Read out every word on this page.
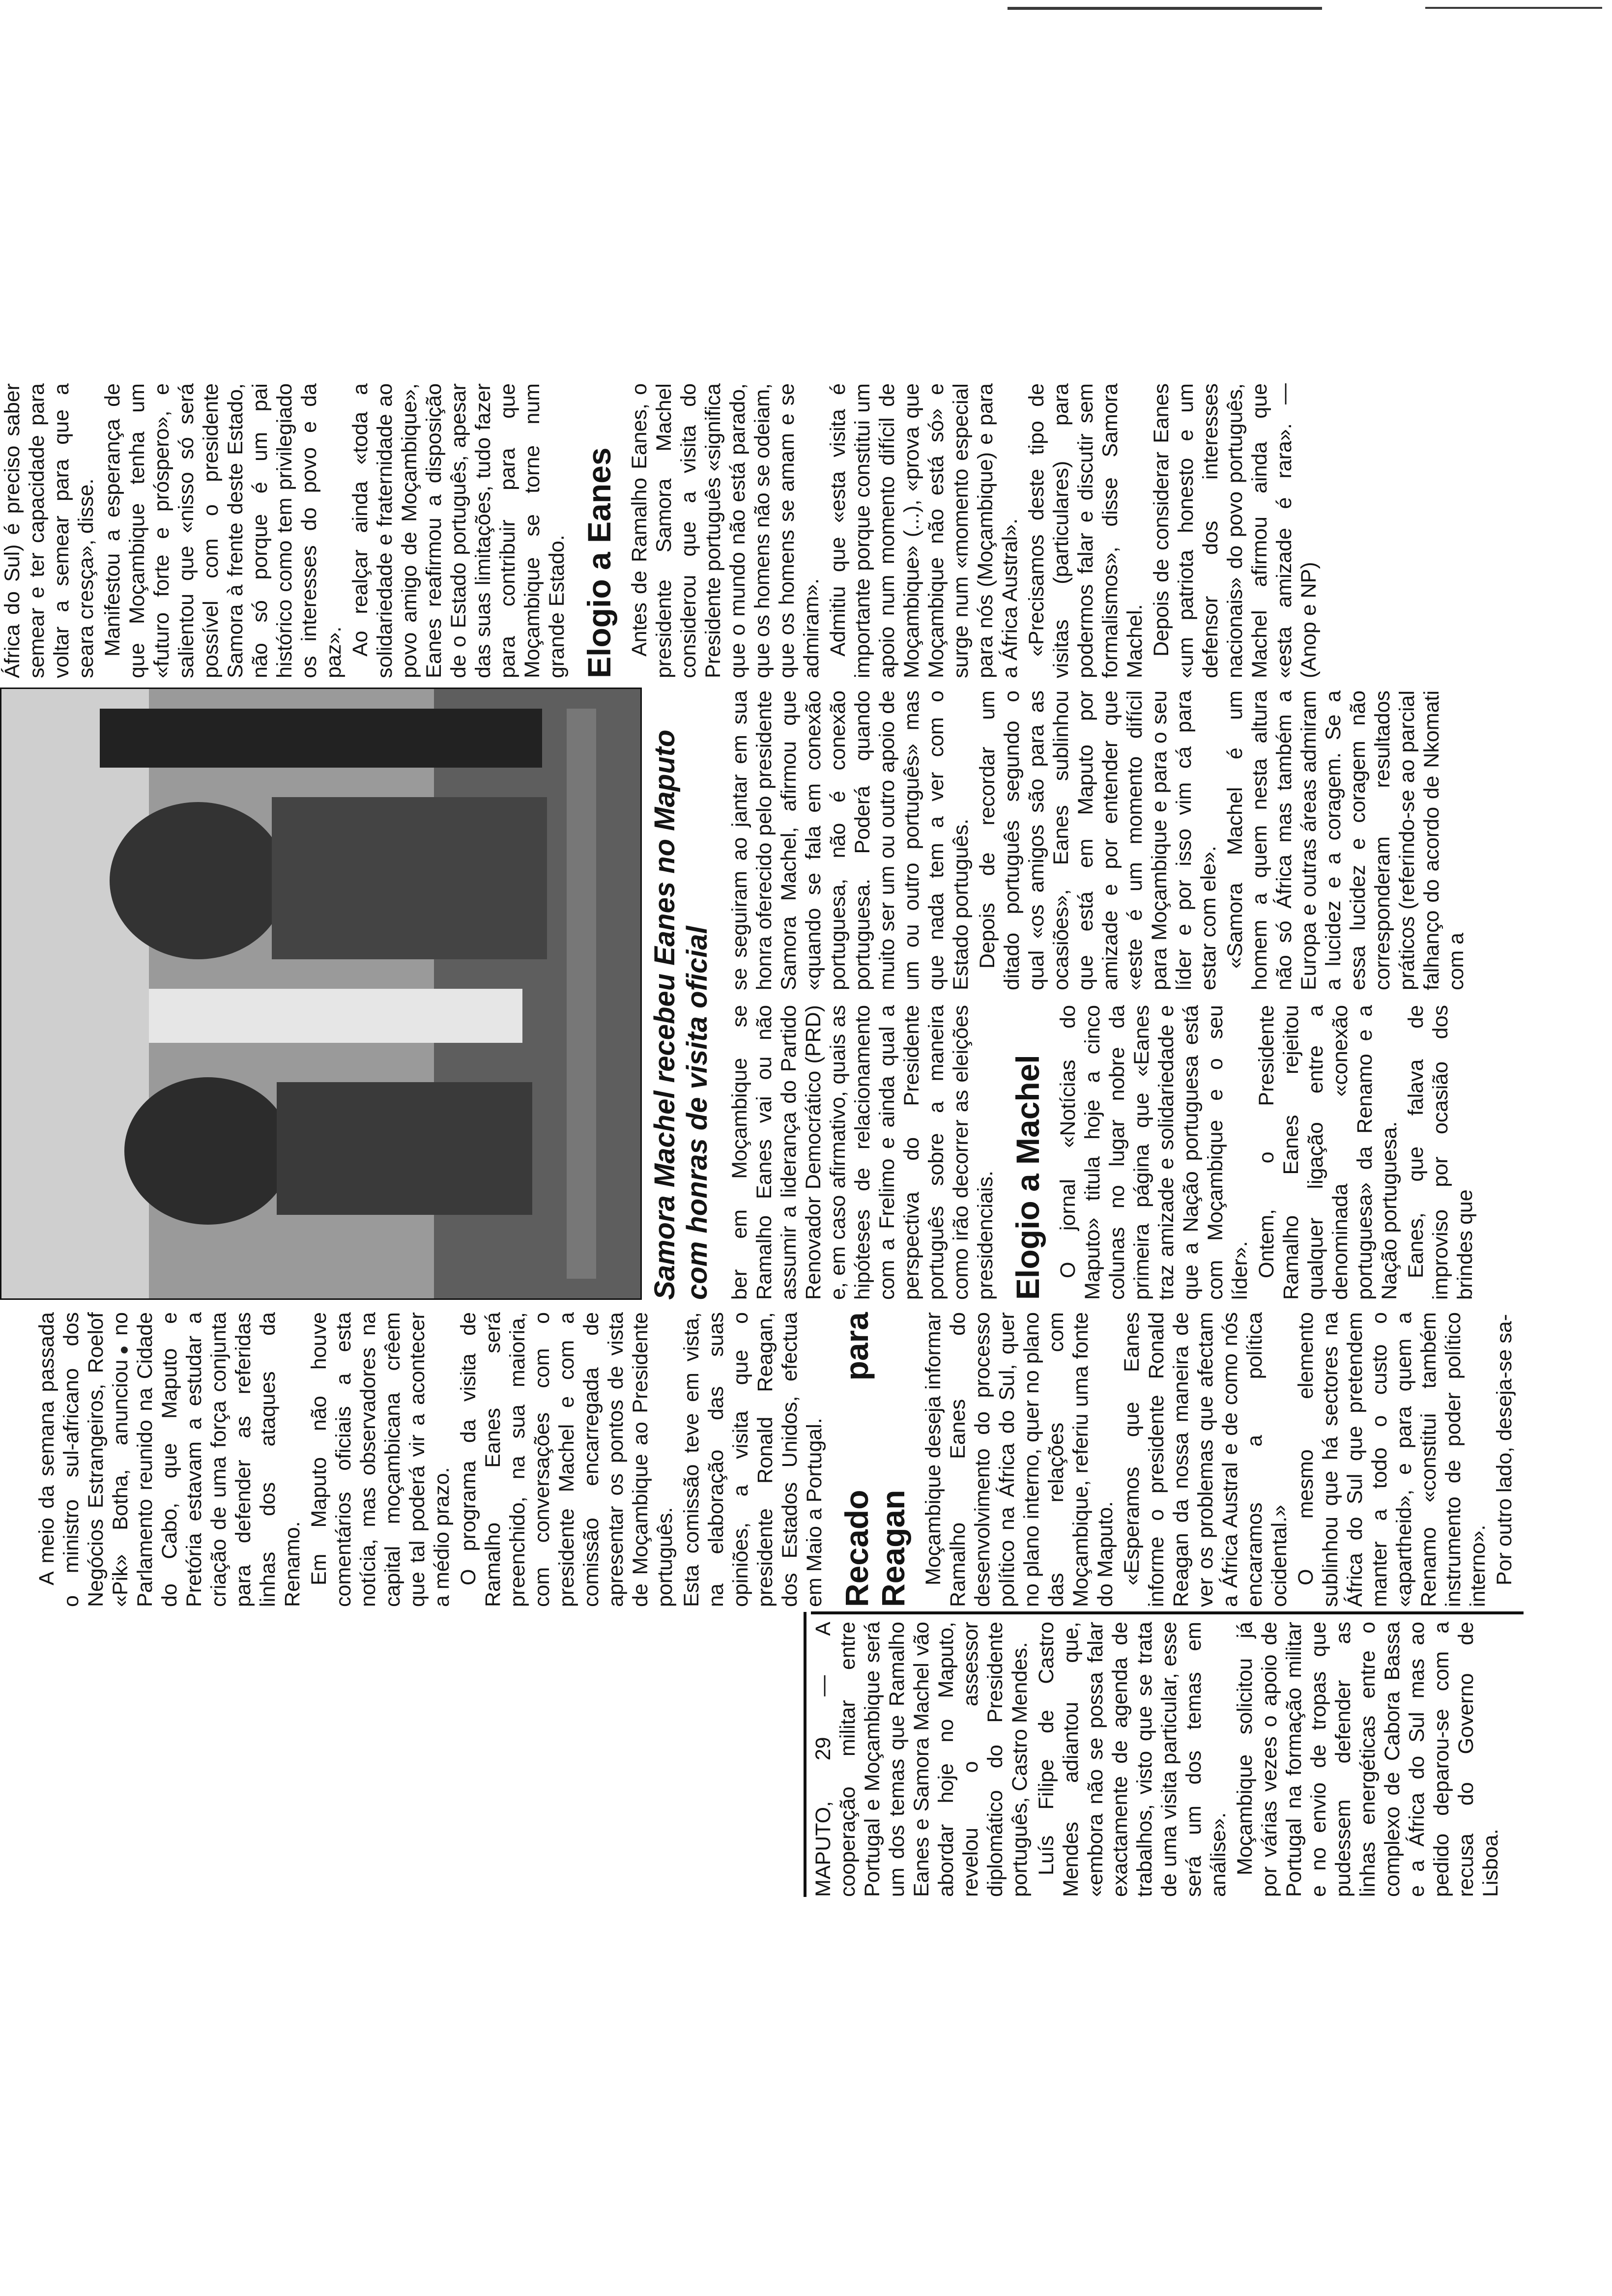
MAPUTO, 29 — A cooperação militar entre Portugal e Moçambique será um dos temas que Ramalho Eanes e Samora Machel vão abordar hoje no Maputo, revelou o assessor diplomático do Presidente português, Castro Mendes. Luís Filipe de Castro Mendes adiantou que, «embora não se possa falar exactamente de agenda de trabalhos, visto que se trata de uma visita particular, esse será um dos temas em análise». Moçambique solicitou já por várias vezes o apoio de Portugal na formação militar e no envio de tropas que pudessem defender as linhas energéticas entre o complexo de Cabora Bassa e a África do Sul mas ao pedido deparou-se com a recusa do Governo de Lisboa.

A meio da semana passada o ministro sul-africano dos Negócios Estrangeiros, Roelof «Pik» Botha, anunciou no Parlamento reunido na Cidade do Cabo, que Maputo e Pretória estavam a estudar a criação de uma força conjunta para defender as referidas linhas dos ataques da Renamo. Em Maputo não houve comentários oficiais a esta notícia, mas observadores na capital moçambicana crêem que tal poderá vir a acontecer a médio prazo. O programa da visita de Ramalho Eanes será preenchido, na sua maioria, com conversações com o presidente Machel e com a comissão encarregada de apresentar os pontos de vista de Moçambique ao Presidente português. Esta comissão teve em vista, na elaboração das suas opiniões, a visita que o presidente Ronald Reagan, dos Estados Unidos, efectua em Maio a Portugal. Recado para Reagan Moçambique deseja informar Ramalho Eanes do desenvolvimento do processo político na África do Sul, quer no plano interno, quer no plano das relações com Moçambique, referiu uma fonte do Maputo. «Esperamos que Eanes informe o presidente Ronald Reagan da nossa maneira de ver os problemas que afectam a África Austral e de como nós encaramos a política ocidental.» O mesmo elemento sublinhou que há sectores na África do Sul que pretendem manter a todo o custo o «apartheid», e para quem a Renamo «constitui também instrumento de poder político interno». Por outro lado, deseja-se sa-

Samora Machel recebeu Eanes no Maputo com honras de visita oficial ber em Moçambique se Ramalho Eanes vai ou não assumir a liderança do Partido Renovador Democrático (PRD) e, em caso afirmativo, quais as hipóteses de relacionamento com a Frelimo e ainda qual a perspectiva do Presidente português sobre a maneira como irão decorrer as eleições presidenciais. Elogio a Machel O jornal «Notícias do Maputo» titula hoje a cinco colunas no lugar nobre da primeira página que «Eanes traz amizade e solidariedade e que a Nação portuguesa está com Moçambique e o seu líder». Ontem, o Presidente Ramalho Eanes rejeitou qualquer ligação entre a denominada «conexão portuguesa» da Renamo e a Nação portuguesa. Eanes, que falava de improviso por ocasião dos brindes que

se seguiram ao jantar em sua honra oferecido pelo presidente Samora Machel, afirmou que «quando se fala em conexão portuguesa, não é conexão portuguesa. Poderá quando muito ser um ou outro apoio de um ou outro português» mas que nada tem a ver com o Estado português. Depois de recordar um ditado português segundo o qual «os amigos são para as ocasiões», Eanes sublinhou que está em Maputo por amizade e por entender que «este é um momento difícil para Moçambique e para o seu líder e por isso vim cá para estar com ele». «Samora Machel é um homem a quem nesta altura não só África mas também a Europa e outras áreas admiram a lucidez e a coragem. Se a essa lucidez e coragem não corresponderam resultados práticos (referindo-se ao parcial falhanço do acordo de Nkomati com a

África do Sul) é preciso saber semear e ter capacidade para voltar a semear para que a seara cresça», disse. Manifestou a esperança de que Moçambique tenha um «futuro forte e próspero», e salientou que «nisso só será possível com o presidente Samora à frente deste Estado, não só porque é um pai histórico como tem privilegiado os interesses do povo e da paz». Ao realçar ainda «toda a solidariedade e fraternidade ao povo amigo de Moçambique», Eanes reafirmou a disposição de o Estado português, apesar das suas limitações, tudo fazer para contribuir para que Moçambique se torne num grande Estado. Elogio a Eanes Antes de Ramalho Eanes, o presidente Samora Machel considerou que a visita do Presidente português «significa que o mundo não está parado, que os homens não se odeiam, que os homens se amam e se admiram». Admitiu que «esta visita é importante porque constitui um apoio num momento difícil de Moçambique» (...), «prova que Moçambique não está só» e surge num «momento especial para nós (Moçambique) e para a África Austral». «Precisamos deste tipo de visitas (particulares) para podermos falar e discutir sem formalismos», disse Samora Machel. Depois de considerar Eanes «um patriota honesto e um defensor dos interesses nacionais» do povo português, Machel afirmou ainda que «esta amizade é rara». — (Anop e NP)
